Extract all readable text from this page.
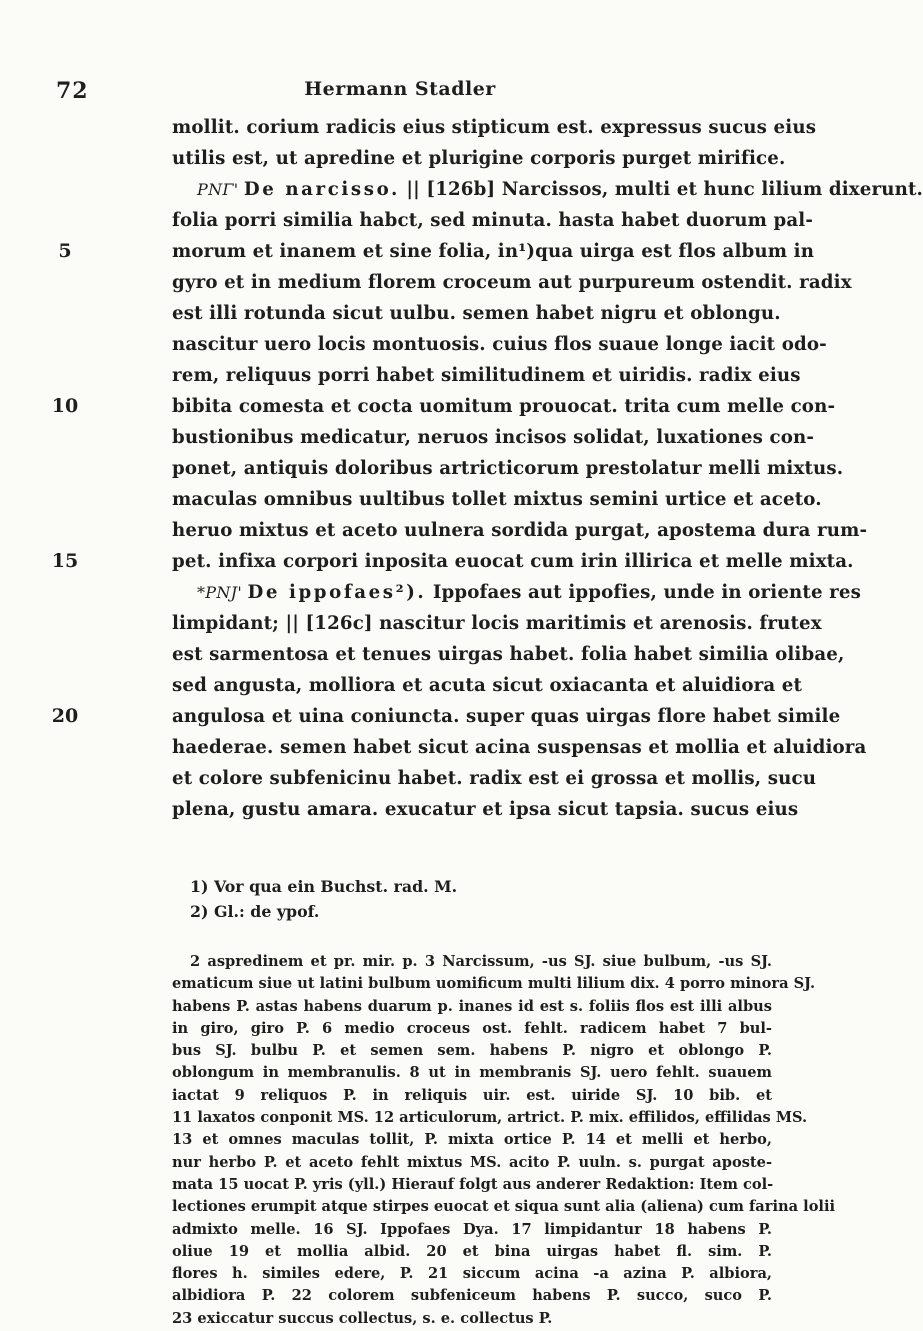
72	Hermann Stadler
mollit. corium radicis eius stipticum est. expressus sucus eius
utilis est, ut apredine et plurigine corporis purget mirifice.
PNΓ' De narcisso. || [126b] Narcissos, multi et hunc lilium dixerunt.
folia porri similia habct, sed minuta. hasta habet duorum pal-
5	morum et inanem et sine folia, in¹)qua uirga est flos album in
gyro et in medium florem croceum aut purpureum ostendit. radix
est illi rotunda sicut uulbu. semen habet nigru et oblongu.
nascitur uero locis montuosis. cuius flos suaue longe iacit odo-
rem, reliquus porri habet similitudinem et uiridis. radix eius
10	bibita comesta et cocta uomitum prouocat. trita cum melle con-
bustionibus medicatur, neruos incisos solidat, luxationes con-
ponet, antiquis doloribus artricticorum prestolatur melli mixtus.
maculas omnibus uultibus tollet mixtus semini urtice et aceto.
heruo mixtus et aceto uulnera sordida purgat, apostema dura rum-
15	pet. infixa corpori inposita euocat cum irin illirica et melle mixta.
*PNJ' De ippofaes²). Ippofaes aut ippofies, unde in oriente res
limpidant; || [126c] nascitur locis maritimis et arenosis. frutex
est sarmentosa et tenues uirgas habet. folia habet similia olibae,
sed angusta, molliora et acuta sicut oxiacanta et aluidiora et
20	angulosa et uina coniuncta. super quas uirgas flore habet simile
haederae. semen habet sicut acina suspensas et mollia et aluidiora
et colore subfenicinu habet. radix est ei grossa et mollis, sucu
plena, gustu amara. exucatur et ipsa sicut tapsia. sucus eius
1) Vor qua ein Buchst. rad. M.
2) Gl.: de ypof.
2 aspredinem et pr. mir. p. 3 Narcissum, -us SJ. siue bulbum, -us SJ.
ematicum siue ut latini bulbum uomificum multi lilium dix. 4 porro minora SJ.
habens P. astas habens duarum p. inanes id est s. foliis flos est illi albus
in giro, giro P. 6 medio croceus ost. fehlt. radicem habet 7 bul-
bus SJ. bulbu P. et semen sem. habens P. nigro et oblongo P.
oblongum in membranulis. 8 ut in membranis SJ. uero fehlt. suauem
iactat 9 reliquos P. in reliquis uir. est. uiride SJ. 10 bib. et
11 laxatos conponit MS. 12 articulorum, artrict. P. mix. effilidos, effilidas MS.
13 et omnes maculas tollit, P. mixta ortice P. 14 et melli et herbo,
nur herbo P. et aceto fehlt mixtus MS. acito P. uuln. s. purgat aposte-
mata 15 uocat P. yris (yll.) Hierauf folgt aus anderer Redaktion: Item col-
lectiones erumpit atque stirpes euocat et siqua sunt alia (aliena) cum farina lolii
admixto melle. 16 SJ. Ippofaes Dya. 17 limpidantur 18 habens P.
oliue 19 et mollia albid. 20 et bina uirgas habet fl. sim. P.
flores h. similes edere, P. 21 siccum acina -a azina P. albiora,
albidiora P. 22 colorem subfeniceum habens P. succo, suco P.
23 exiccatur succus collectus, s. e. collectus P.
